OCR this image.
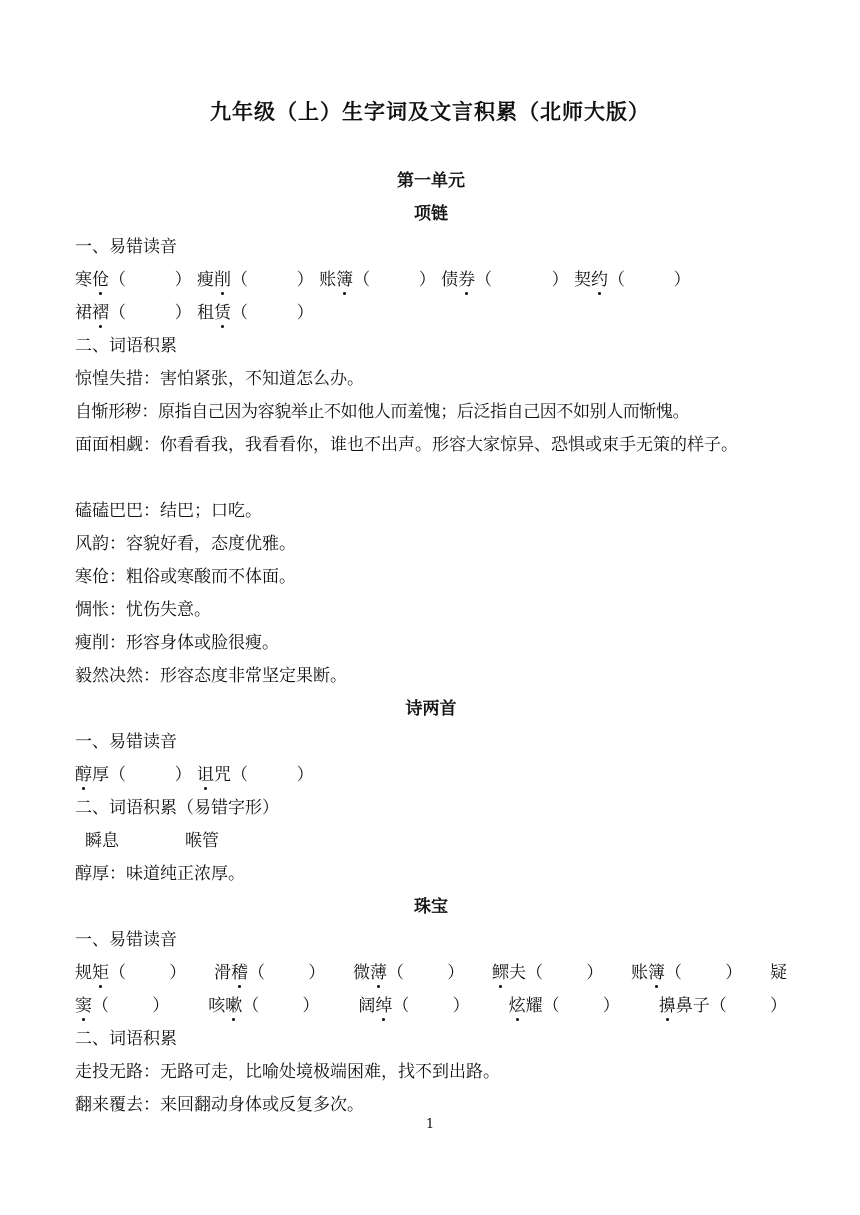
九年级（上）生字词及文言积累（北师大版）
第一单元
项链
一、易错读音
寒伧（         ） 瘦削（         ） 账簿（         ） 债券（           ） 契约（         ）
裙褶（         ） 租赁（         ）
二、词语积累
惊惶失措：害怕紧张，不知道怎么办。
自惭形秽：原指自己因为容貌举止不如他人而羞愧；后泛指自己因不如别人而惭愧。
面面相觑：你看看我，我看看你，谁也不出声。形容大家惊异、恐惧或束手无策的样子。
磕磕巴巴：结巴；口吃。
风韵：容貌好看，态度优雅。
寒伧：粗俗或寒酸而不体面。
惆怅：忧伤失意。
瘦削：形容身体或脸很瘦。
毅然决然：形容态度非常坚定果断。
诗两首
一、易错读音
醇厚（         ） 诅咒（         ）
二、词语积累（易错字形）
瞬息	喉管
醇厚：味道纯正浓厚。
珠宝
一、易错读音
规矩（        ） 滑稽（        ） 微薄（        ） 鳏夫（        ） 账簿（        ） 疑
窦（        ） 咳嗽（        ） 阔绰（        ） 炫耀（        ） 擤鼻子（        ）
二、词语积累
走投无路：无路可走，比喻处境极端困难，找不到出路。
翻来覆去：来回翻动身体或反复多次。
1
